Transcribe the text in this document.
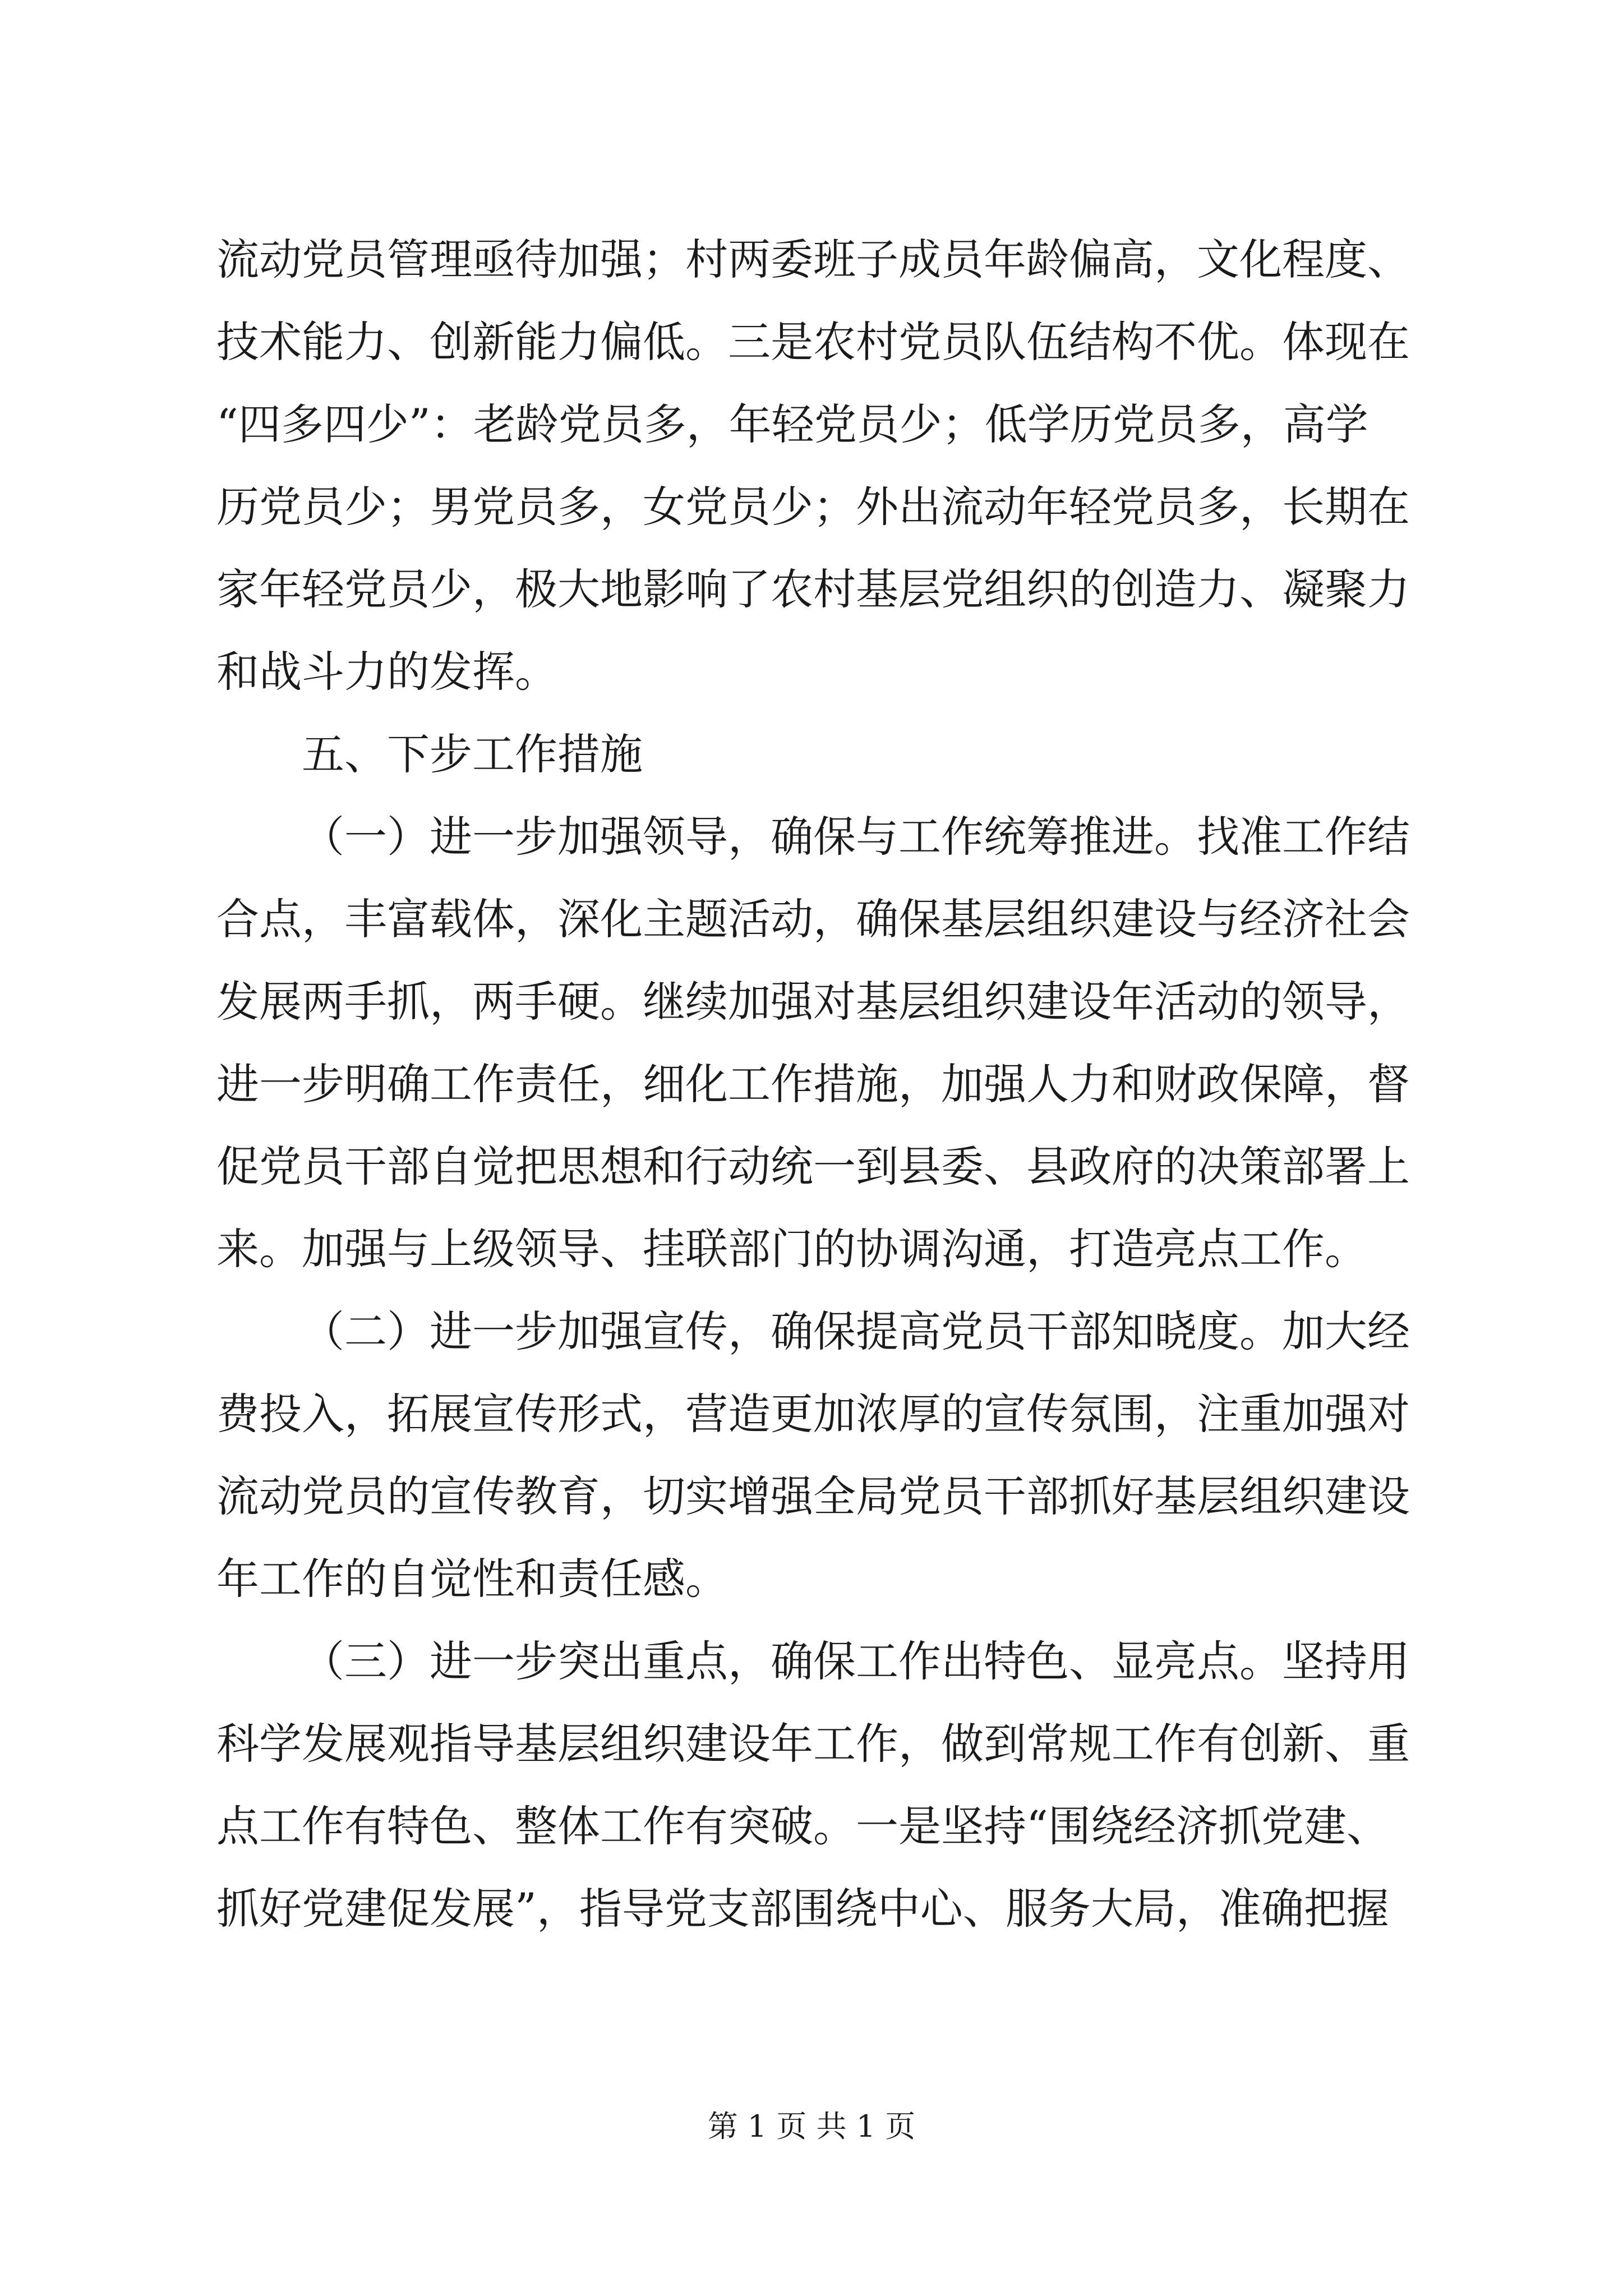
流动党员管理亟待加强；村两委班子成员年龄偏高，文化程度、

技术能力、创新能力偏低。三是农村党员队伍结构不优。体现在

“四多四少”：老龄党员多，年轻党员少；低学历党员多，高学

历党员少；男党员多，女党员少；外出流动年轻党员多，长期在

家年轻党员少，极大地影响了农村基层党组织的创造力、凝聚力

和战斗力的发挥。

五、下步工作措施

（一）进一步加强领导，确保与工作统筹推进。找准工作结

合点，丰富载体，深化主题活动，确保基层组织建设与经济社会

发展两手抓，两手硬。继续加强对基层组织建设年活动的领导，

进一步明确工作责任，细化工作措施，加强人力和财政保障，督

促党员干部自觉把思想和行动统一到县委、县政府的决策部署上

来。加强与上级领导、挂联部门的协调沟通，打造亮点工作。

（二）进一步加强宣传，确保提高党员干部知晓度。加大经

费投入，拓展宣传形式，营造更加浓厚的宣传氛围，注重加强对

流动党员的宣传教育，切实增强全局党员干部抓好基层组织建设

年工作的自觉性和责任感。

（三）进一步突出重点，确保工作出特色、显亮点。坚持用

科学发展观指导基层组织建设年工作，做到常规工作有创新、重

点工作有特色、整体工作有突破。一是坚持“围绕经济抓党建、

抓好党建促发展”，指导党支部围绕中心、服务大局，准确把握

第 1 页 共 1 页
